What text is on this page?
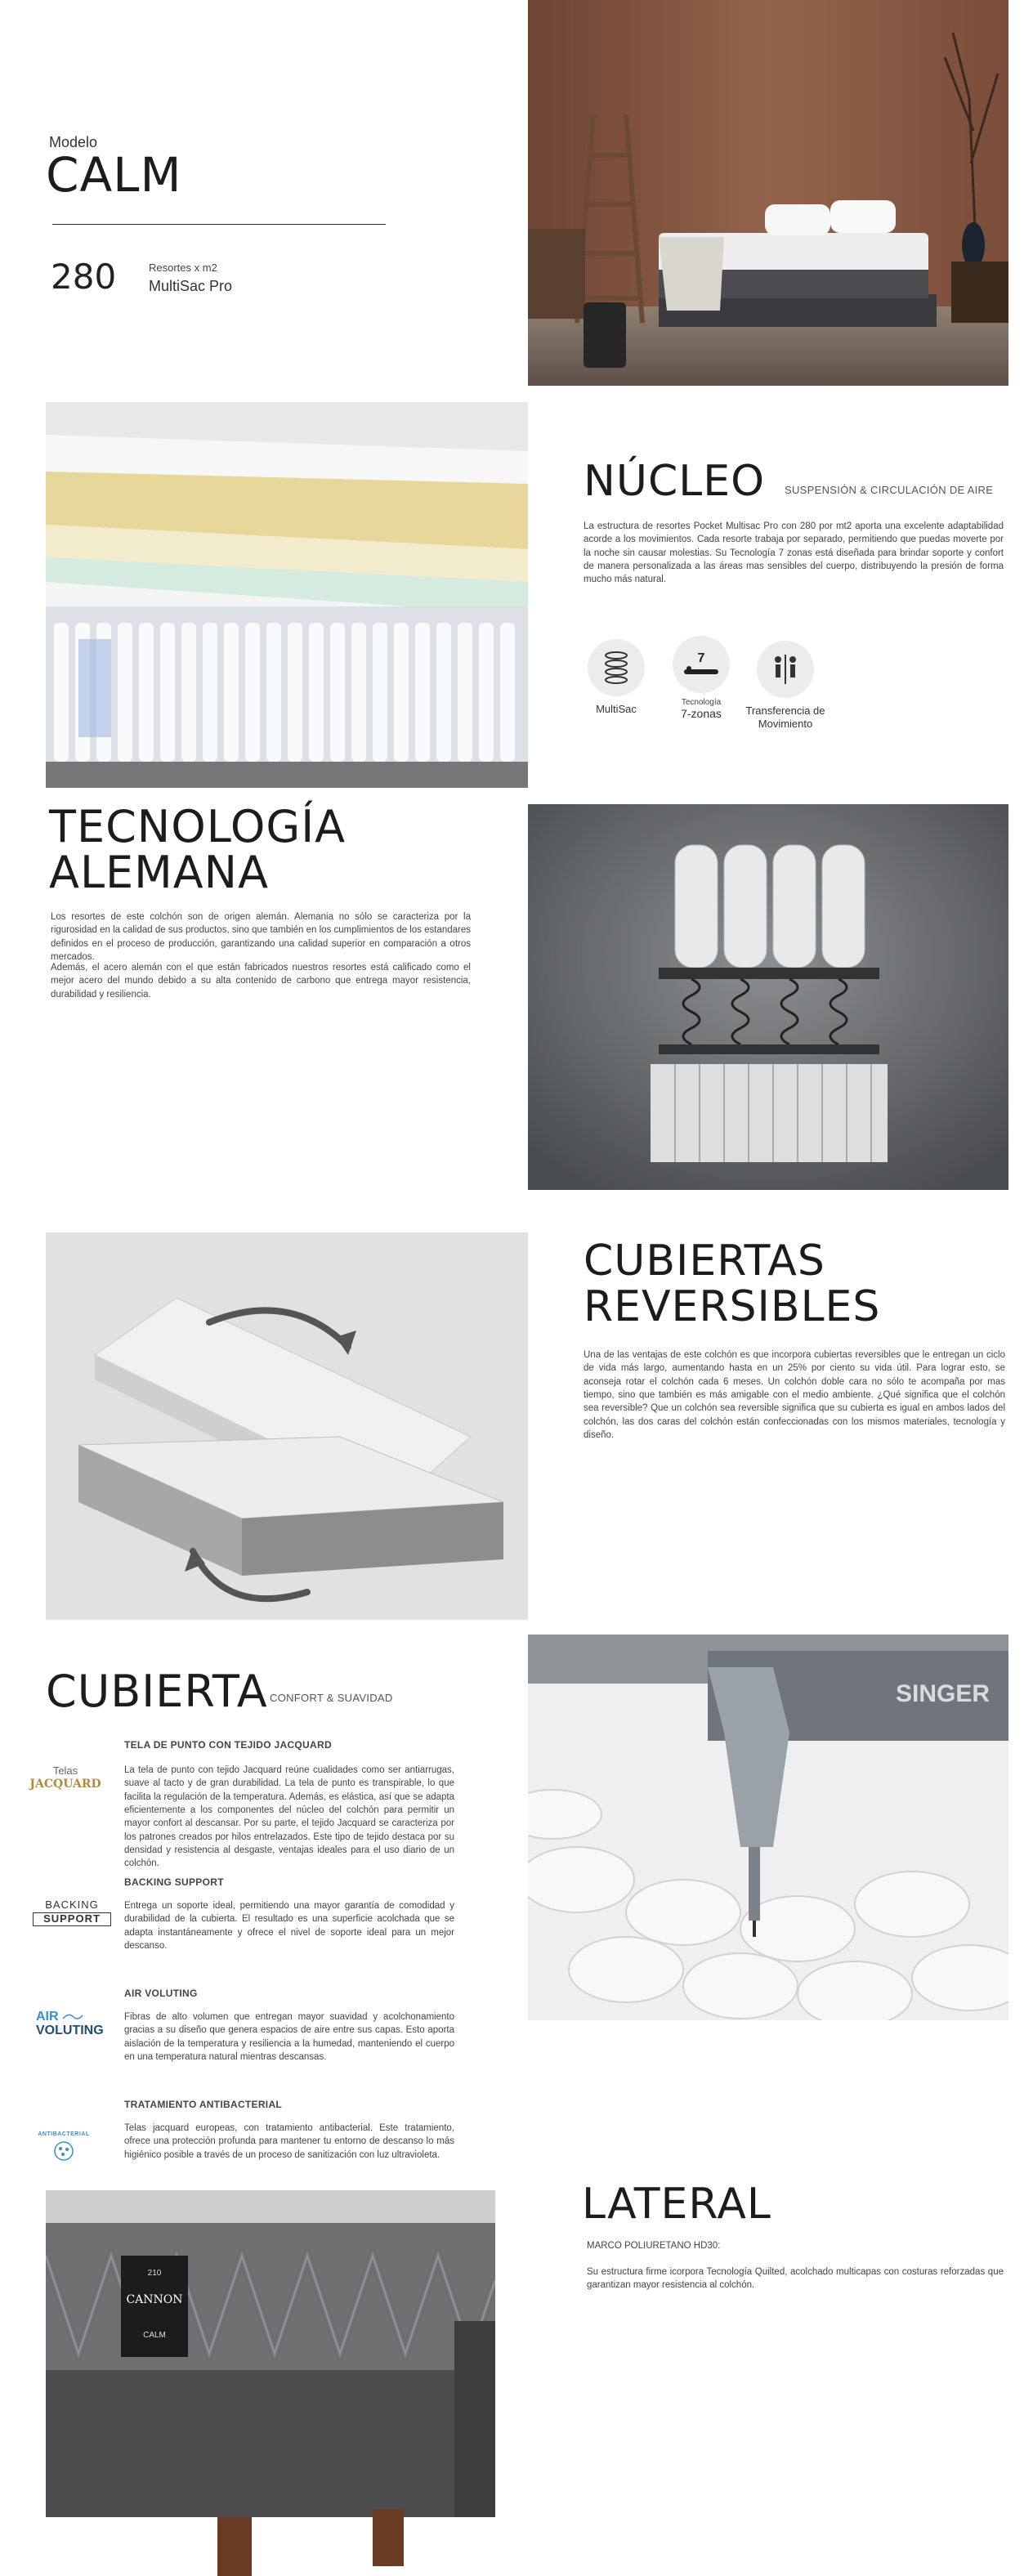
Modelo
CALM
280	Resortes x m2
MultiSac Pro
NÚCLEO SUSPENSIÓN & CIRCULACIÓN DE AIRE

La estructura de resortes Pocket Multisac Pro con 280 por mt2 aporta una excelente adaptabilidad acorde a los movimientos. Cada resorte trabaja por separado, permitiendo que puedas moverte por la noche sin causar molestias. Su Tecnología 7 zonas está diseñada para brindar soporte y confort de manera personalizada a las áreas mas sensibles del cuerpo, distribuyendo la presión de forma mucho más natural.

MultiSac
7
Tecnología
7-zonas	Transferencia de Movimiento
TECNOLOGÍA
ALEMANA

Los resortes de este colchón son de origen alemán. Alemania no sólo se caracteriza por la rigurosidad en la calidad de sus productos, sino que también en los cumplimientos de los estandares definidos en el proceso de producción, garantizando una calidad superior en comparación a otros mercados.

Además, el acero alemán con el que están fabricados nuestros resortes está calificado como el mejor acero del mundo debido a su alta contenido de carbono que entrega mayor resistencia, durabilidad y resiliencia.

CUBIERTAS
REVERSIBLES

Una de las ventajas de este colchón es que incorpora cubiertas reversibles que le entregan un ciclo de vida más largo, aumentando hasta en un 25% por ciento su vida útil. Para lograr esto, se aconseja rotar el colchón cada 6 meses. Un colchón doble cara no sólo te acompaña por mas tiempo, sino que también es más amigable con el medio ambiente. ¿Qué significa que el colchón sea reversible? Que un colchón sea reversible significa que su cubierta es igual en ambos lados del colchón, las dos caras del colchón están confeccionadas con los mismos materiales, tecnología y diseño.

CUBIERTA CONFORT & SUAVIDAD
Telas
JACQUARD
TELA DE PUNTO CON TEJIDO JACQUARD

La tela de punto con tejido Jacquard reúne cualidades como ser antiarrugas, suave al tacto y de gran durabilidad. La tela de punto es transpirable, lo que facilita la regulación de la temperatura. Además, es elástica, así que se adapta eficientemente a los componentes del núcleo del colchón para permitir un mayor confort al descansar. Por su parte, el tejido Jacquard se caracteriza por los patrones creados por hilos entrelazados. Este tipo de tejido destaca por su densidad y resistencia al desgaste, ventajas ideales para el uso diario de un colchón.

BACKING
SUPPORT
BACKING SUPPORT

Entrega un soporte ideal, permitiendo una mayor garantía de comodidad y durabilidad de la cubierta. El resultado es una superficie acolchada que se adapta instantáneamente y ofrece el nivel de soporte ideal para un mejor descanso.

AIR
VOLUTING
AIR VOLUTING

Fibras de alto volumen que entregan mayor suavidad y acolchonamiento gracias a su diseño que genera espacios de aire entre sus capas. Esto aporta aislación de la temperatura y resiliencia a la humedad, manteniendo el cuerpo en una temperatura natural mientras descansas.

ANTIBACTERIAL
TRATAMIENTO ANTIBACTERIAL

Telas jacquard europeas, con tratamiento antibacterial. Este tratamiento, ofrece una protección profunda para mantener tu entorno de descanso lo más higiénico posible a través de un proceso de sanitización con luz ultravioleta.

SINGER
210
CANNON
CALM
LATERAL
MARCO POLIURETANO HD30:

Su estructura firme icorpora Tecnología Quilted, acolchado multicapas con costuras reforzadas que garantizan mayor resistencia al colchón.
